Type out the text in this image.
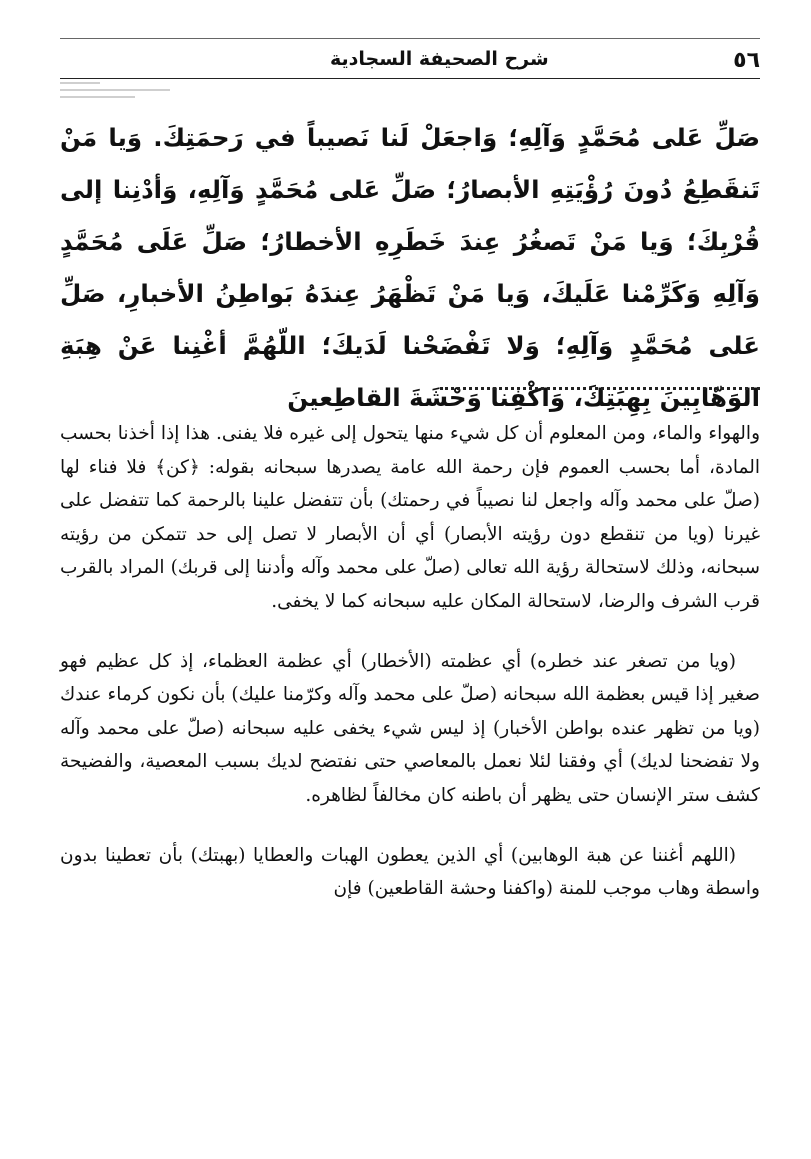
٥٦
شرح الصحيفة السجادية
صَلِّ عَلى مُحَمَّدٍ وَآلِهِ؛ وَاجعَلْ لَنا نَصيباً في رَحمَتِكَ. وَيا مَنْ تَنقَطِعُ دُونَ رُؤْيَتِهِ الأبصارُ؛ صَلِّ عَلى مُحَمَّدٍ وَآلِهِ، وَأدْنِنا إلى قُرْبِكَ؛ وَيا مَنْ تَصغُرُ عِندَ خَطَرِهِ الأخطارُ؛ صَلِّ عَلَى مُحَمَّدٍ وَآلِهِ وَكَرِّمْنا عَلَيكَ، وَيا مَنْ تَظْهَرُ عِندَهُ بَواطِنُ الأخبارِ، صَلِّ عَلى مُحَمَّدٍ وَآلِهِ؛ وَلا تَفْضَحْنا لَدَيكَ؛ اللّهُمَّ أغْنِنا عَنْ هِبَةِ الوَهّابِينَ بِهِبَتِكَ، وَاكْفِنا وَحْشَةَ القاطِعينَ

والهواء والماء، ومن المعلوم أن كل شيء منها يتحول إلى غيره فلا يفنى. هذا إذا أخذنا بحسب المادة، أما بحسب العموم فإن رحمة الله عامة يصدرها سبحانه بقوله: ﴿كن﴾ فلا فناء لها (صلّ على محمد وآله واجعل لنا نصيباً في رحمتك) بأن تتفضل علينا بالرحمة كما تتفضل على غيرنا (ويا من تنقطع دون رؤيته الأبصار) أي أن الأبصار لا تصل إلى حد تتمكن من رؤيته سبحانه، وذلك لاستحالة رؤية الله تعالى (صلّ على محمد وآله وأدننا إلى قربك) المراد بالقرب قرب الشرف والرضا، لاستحالة المكان عليه سبحانه كما لا يخفى.

(ويا من تصغر عند خطره) أي عظمته (الأخطار) أي عظمة العظماء، إذ كل عظيم فهو صغير إذا قيس بعظمة الله سبحانه (صلّ على محمد وآله وكرّمنا عليك) بأن نكون كرماء عندك (ويا من تظهر عنده بواطن الأخبار) إذ ليس شيء يخفى عليه سبحانه (صلّ على محمد وآله ولا تفضحنا لديك) أي وفقنا لئلا نعمل بالمعاصي حتى نفتضح لديك بسبب المعصية، والفضيحة كشف ستر الإنسان حتى يظهر أن باطنه كان مخالفاً لظاهره.

(اللهم أغننا عن هبة الوهابين) أي الذين يعطون الهبات والعطايا (بهبتك) بأن تعطينا بدون واسطة وهاب موجب للمنة (واكفنا وحشة القاطعين) فإن
